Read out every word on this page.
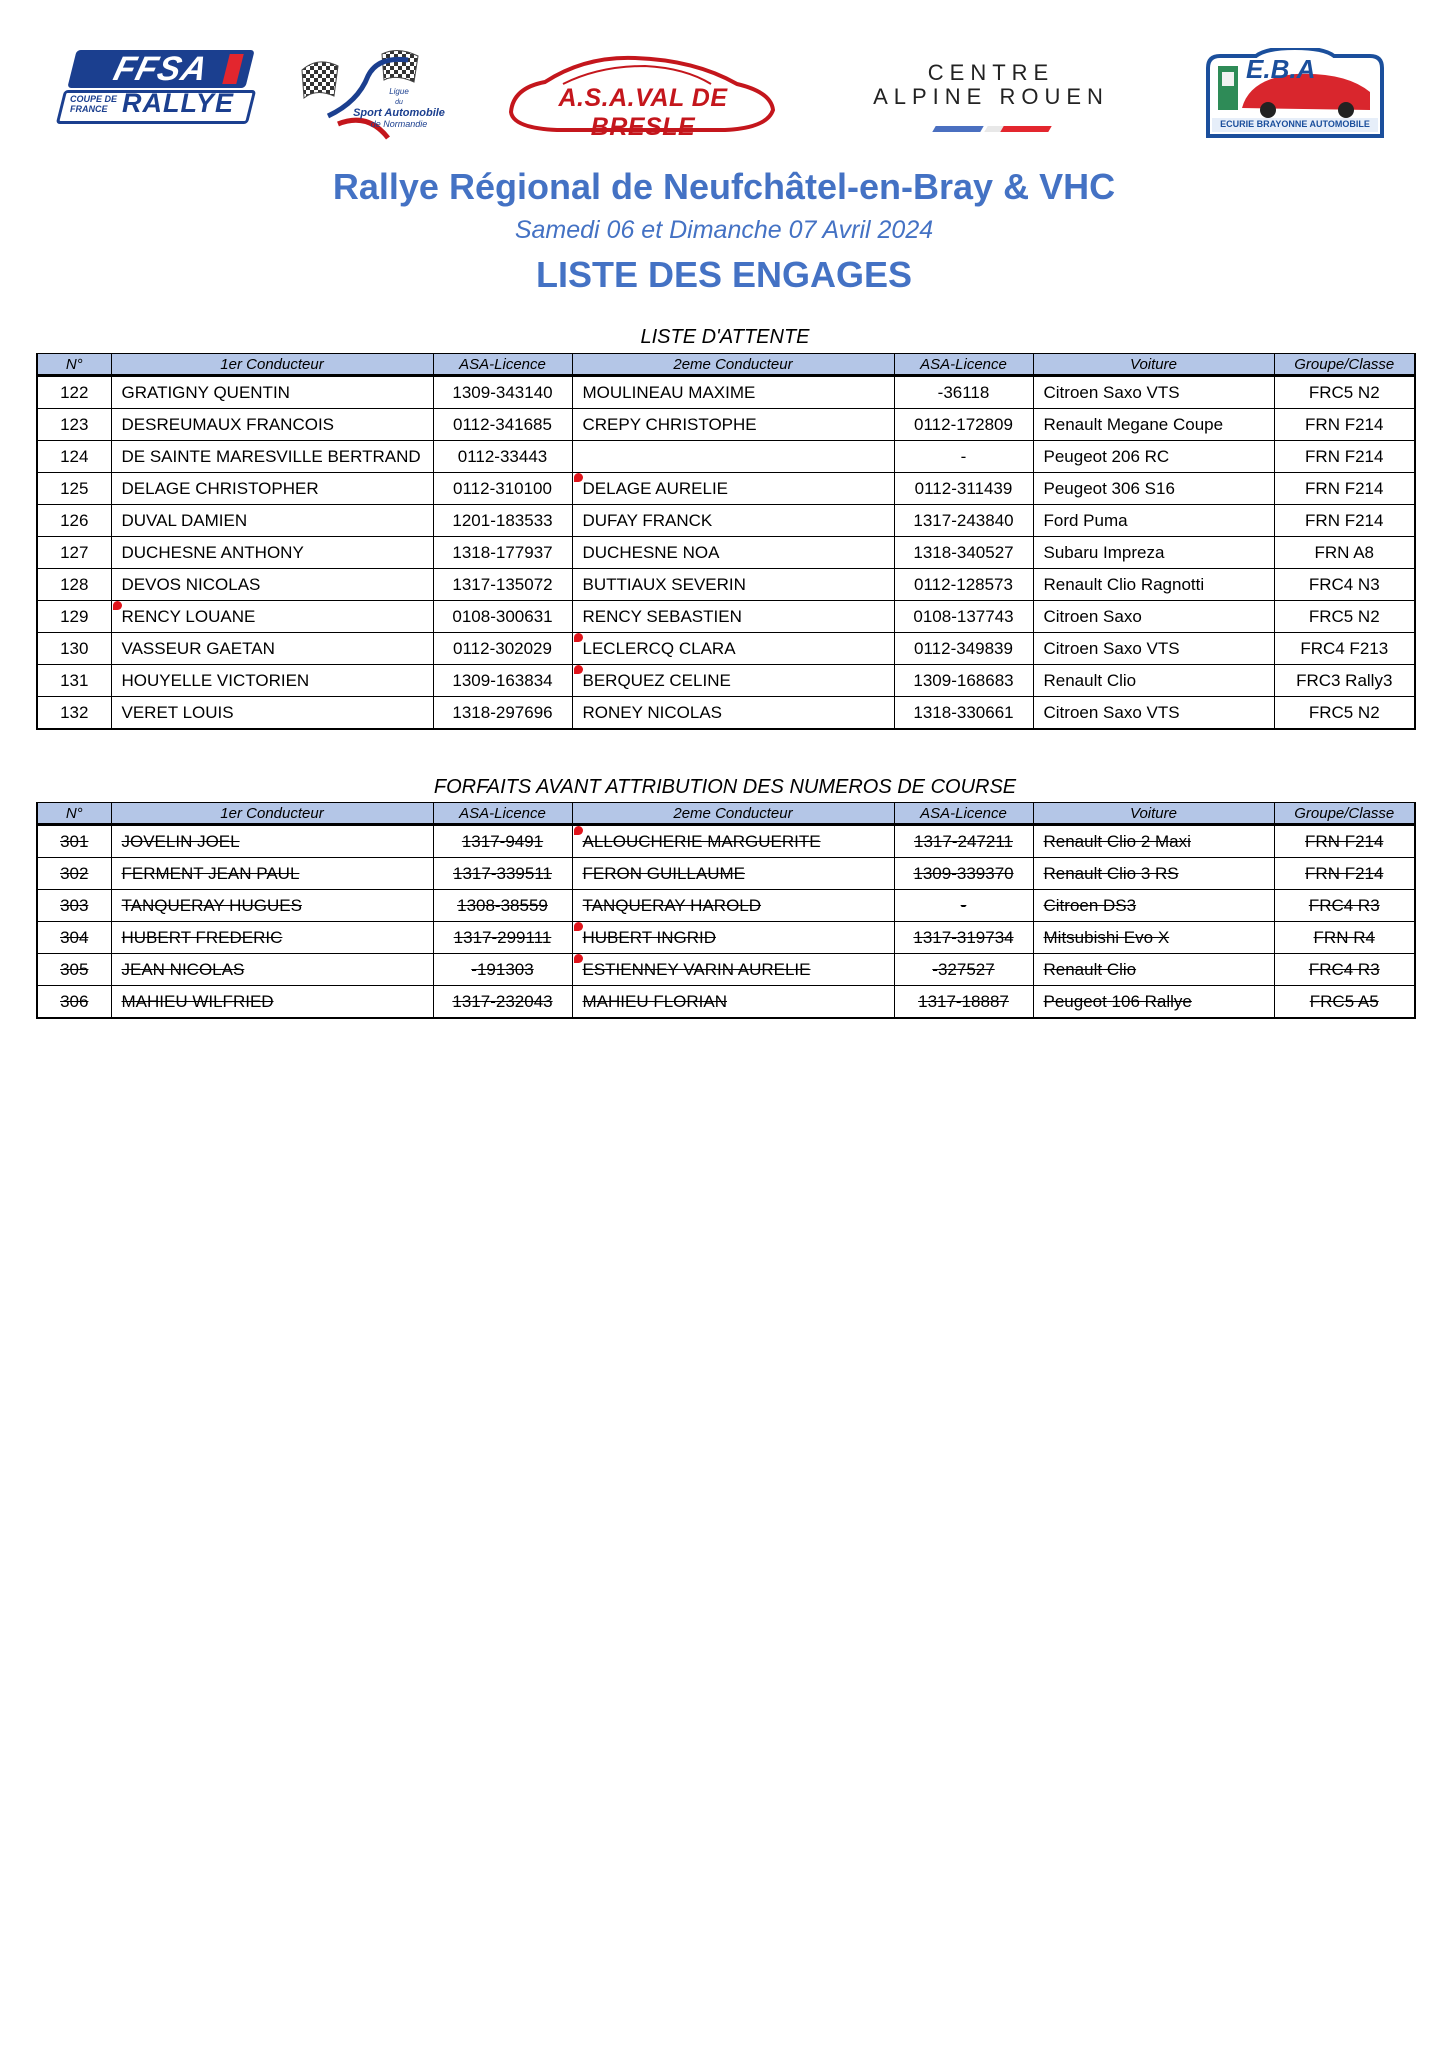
FFSA
COUPE DE
FRANCE RALLYE	Ligue
du
Sport Automobile
de Normandie
A.S.A.VAL DE BRESLE
CENTRE
ALPINE ROUEN
E.B.A
ECURIE BRAYONNE AUTOMOBILE
Rallye Régional de Neufchâtel-en-Bray & VHC
Samedi 06 et Dimanche 07 Avril 2024
LISTE DES ENGAGES
LISTE D'ATTENTE
N°	1er Conducteur	ASA-Licence	2eme Conducteur	ASA-Licence	Voiture	Groupe/Classe
122	GRATIGNY QUENTIN	1309-343140	MOULINEAU MAXIME	-36118	Citroen Saxo VTS	FRC5 N2
123	DESREUMAUX FRANCOIS	0112-341685	CREPY CHRISTOPHE	0112-172809	Renault Megane Coupe	FRN F214
124	DE SAINTE MARESVILLE BERTRAND	0112-33443		-	Peugeot 206 RC	FRN F214
125	DELAGE CHRISTOPHER	0112-310100	DELAGE AURELIE	0112-311439	Peugeot 306 S16	FRN F214
126	DUVAL DAMIEN	1201-183533	DUFAY FRANCK	1317-243840	Ford Puma	FRN F214
127	DUCHESNE ANTHONY	1318-177937	DUCHESNE NOA	1318-340527	Subaru Impreza	FRN A8
128	DEVOS NICOLAS	1317-135072	BUTTIAUX SEVERIN	0112-128573	Renault Clio Ragnotti	FRC4 N3
129	RENCY LOUANE	0108-300631	RENCY SEBASTIEN	0108-137743	Citroen Saxo	FRC5 N2
130	VASSEUR GAETAN	0112-302029	LECLERCQ CLARA	0112-349839	Citroen Saxo VTS	FRC4 F213
131	HOUYELLE VICTORIEN	1309-163834	BERQUEZ CELINE	1309-168683	Renault Clio	FRC3 Rally3
132	VERET LOUIS	1318-297696	RONEY NICOLAS	1318-330661	Citroen Saxo VTS	FRC5 N2
FORFAITS AVANT ATTRIBUTION DES NUMEROS DE COURSE
N°	1er Conducteur	ASA-Licence	2eme Conducteur	ASA-Licence	Voiture	Groupe/Classe
301	JOVELIN JOEL	1317-9491	ALLOUCHERIE MARGUERITE	1317-247211	Renault Clio 2 Maxi	FRN F214
302	FERMENT JEAN PAUL	1317-339511	FERON GUILLAUME	1309-339370	Renault Clio 3 RS	FRN F214
303	TANQUERAY HUGUES	1308-38559	TANQUERAY HAROLD	-	Citroen DS3	FRC4 R3
304	HUBERT FREDERIC	1317-299111	HUBERT INGRID	1317-319734	Mitsubishi Evo X	FRN R4
305	JEAN NICOLAS	-191303	ESTIENNEY VARIN AURELIE	-327527	Renault Clio	FRC4 R3
306	MAHIEU WILFRIED	1317-232043	MAHIEU FLORIAN	1317-18887	Peugeot 106 Rallye	FRC5 A5
